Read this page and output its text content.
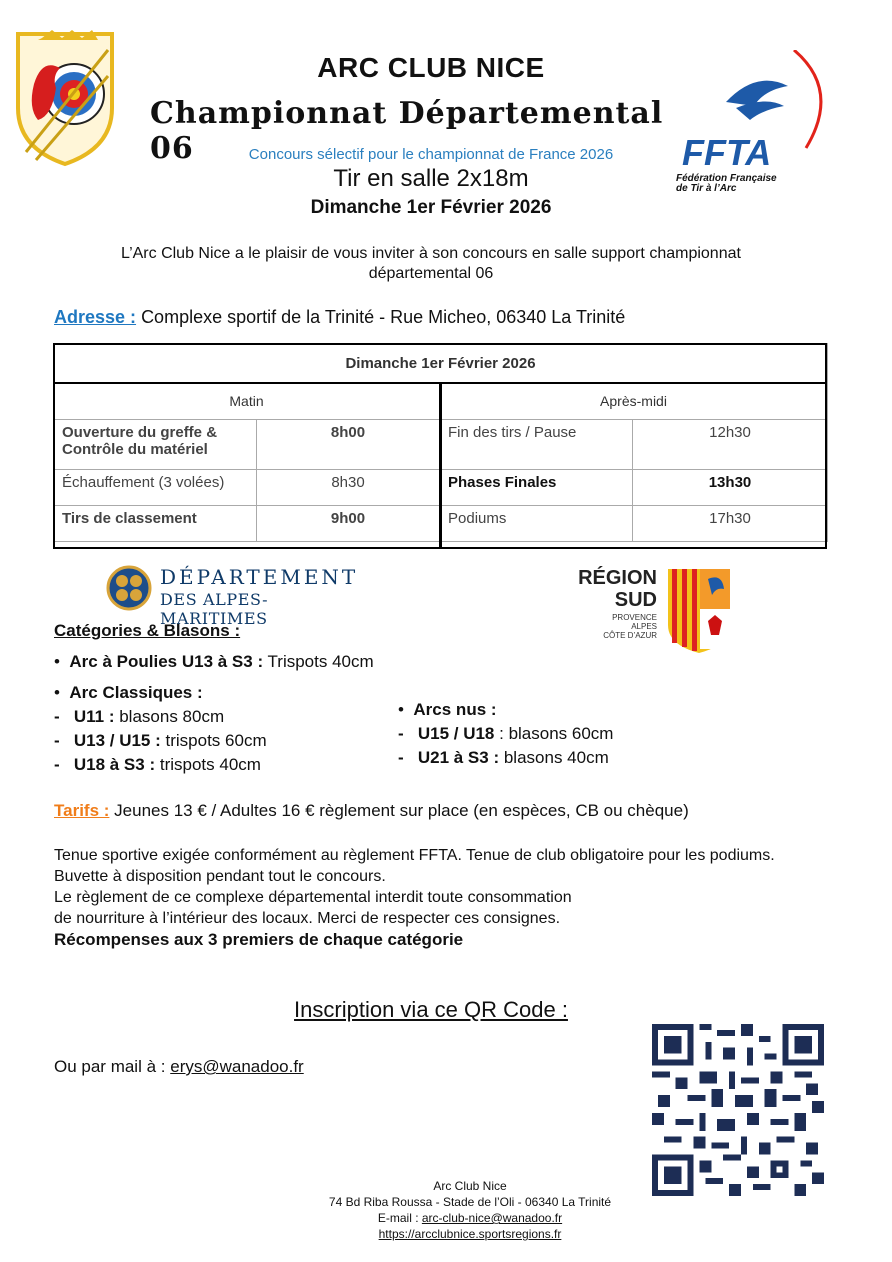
ARC CLUB NICE
Championnat Départemental 06	Concours sélectif pour le championnat de France 2026
Tir en salle 2x18m
Dimanche 1er Février 2026
FFTA
Fédération Française
de Tir à l’Arc
L’Arc Club Nice a le plaisir de vous inviter à son concours en salle support championnat départemental 06
Adresse : Complexe sportif de la Trinité - Rue Micheo, 06340 La Trinité
Dimanche 1er Février 2026			
Matin		Après-midi	
Ouverture du greffe & Contrôle du matériel	8h00	Fin des tirs / Pause	12h30
Échauffement (3 volées)	8h30	Phases Finales	13h30
Tirs de classement	9h00	Podiums	17h30
DÉPARTEMENT
DES ALPES-MARITIMES
RÉGION
SUD
PROVENCE
ALPES
CÔTE D’AZUR
Catégories & Blasons :
•  Arc à Poulies U13 à S3 : Trispots 40cm
•  Arc Classiques :
-   U11 : blasons 80cm
-   U13 / U15 : trispots 60cm
-   U18 à S3 : trispots 40cm
•  Arcs nus :
-   U15 / U18 : blasons 60cm
-   U21 à S3 : blasons 40cm
Tarifs : Jeunes 13 € / Adultes 16 € règlement sur place (en espèces, CB ou chèque)
Tenue sportive exigée conformément au règlement FFTA. Tenue de club obligatoire pour les podiums.
Buvette à disposition pendant tout le concours.
Le règlement de ce complexe départemental interdit toute consommation
de nourriture à l’intérieur des locaux. Merci de respecter ces consignes.
Récompenses aux 3 premiers de chaque catégorie
Inscription via ce QR Code :
Ou par mail à : erys@wanadoo.fr
Arc Club Nice
74 Bd Riba Roussa - Stade de l’Oli - 06340 La Trinité
E-mail : arc-club-nice@wanadoo.fr
https://arcclubnice.sportsregions.fr
